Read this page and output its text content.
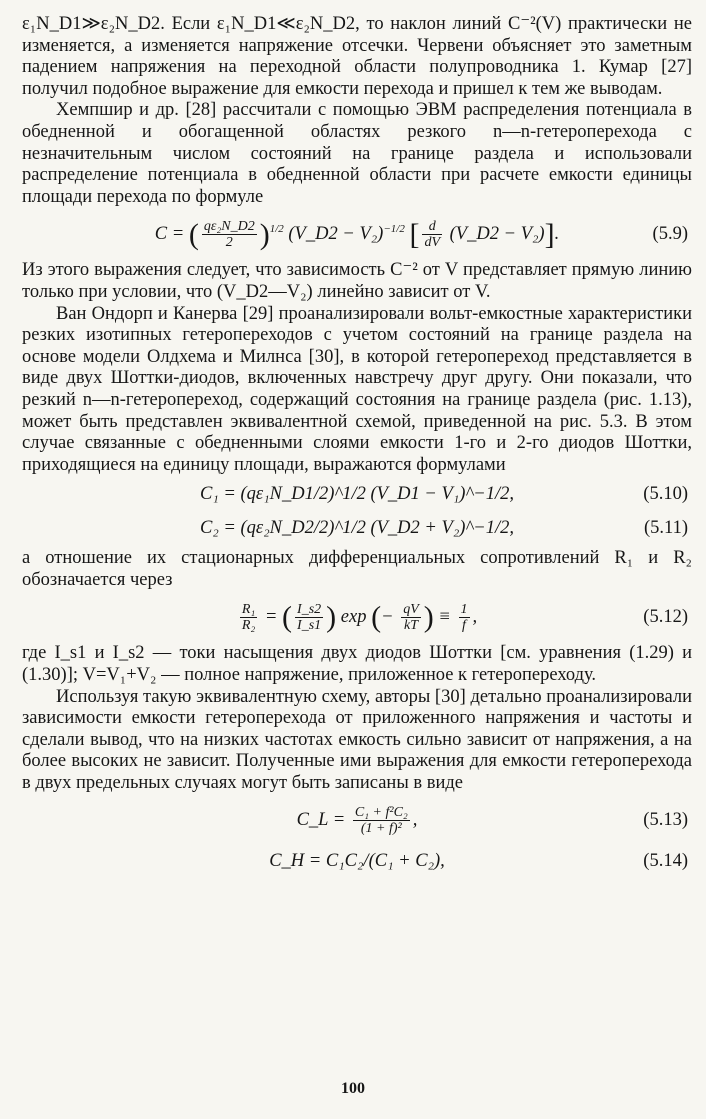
ε₁N_D1≫ε₂N_D2. Если ε₁N_D1≪ε₂N_D2, то наклон линий C⁻²(V) практически не изменяется, а изменяется напряжение отсечки. Червени объясняет это заметным падением напряжения на переходной области полупроводника 1. Кумар [27] получил подобное выражение для емкости перехода и пришел к тем же выводам.

Хемпшир и др. [28] рассчитали с помощью ЭВМ распределения потенциала в обедненной и обогащенной областях резкого n—n-гетероперехода с незначительным числом состояний на границе раздела и использовали распределение потенциала в обедненной области при расчете емкости единицы площади перехода по формуле

C = ( $\frac{\text{qε₂N\_D2}}{2} )^{1/2}$ (V_D2 − V₂)$^{-1/2}$ [ $\frac{d}{dV}$ (V_D2 − V₂)].	(5.9)

Из этого выражения следует, что зависимость C⁻² от V представляет прямую линию только при условии, что (V_D2—V₂) линейно зависит от V.

Ван Ондорп и Канерва [29] проанализировали вольт-емкостные характеристики резких изотипных гетеропереходов с учетом состояний на границе раздела на основе модели Олдхема и Милнса [30], в которой гетеропереход представляется в виде двух Шоттки-диодов, включенных навстречу друг другу. Они показали, что резкий n—n-гетеропереход, содержащий состояния на границе раздела (рис. 1.13), может быть представлен эквивалентной схемой, приведенной на рис. 5.3. В этом случае связанные с обедненными слоями емкости 1-го и 2-го диодов Шоттки, приходящиеся на единицу площади, выражаются формулами

C₁ = (qε₁N_D1/2)^1/2 (V_D1 − V₁)^−1/2,	(5.10)
C₂ = (qε₂N_D2/2)^1/2 (V_D2 + V₂)^−1/2,	(5.11)

а отношение их стационарных дифференциальных сопротивлений R₁ и R₂ обозначается через

$\frac{\text{R₁}}{\text{R₂}}$ = ( $\frac{I\_s2}{I\_s1}$ ) exp (− $\frac{qV}{kT}$ ) ≡ $\frac{1}{f}$ ,	(5.12)

где I_s1 и I_s2 — токи насыщения двух диодов Шоттки [см. уравнения (1.29) и (1.30)]; V=V₁+V₂ — полное напряжение, приложенное к гетеропереходу.

Используя такую эквивалентную схему, авторы [30] детально проанализировали зависимости емкости гетероперехода от приложенного напряжения и частоты и сделали вывод, что на низких частотах емкость сильно зависит от напряжения, а на более высоких не зависит. Полученные ими выражения для емкости гетероперехода в двух предельных случаях могут быть записаны в виде

C_L = $\frac{\text{C₁ + f²C₂}}{\text{(1 + f)²}}$ ,	(5.13)
C_H = C₁C₂/(C₁ + C₂),	(5.14)
100
